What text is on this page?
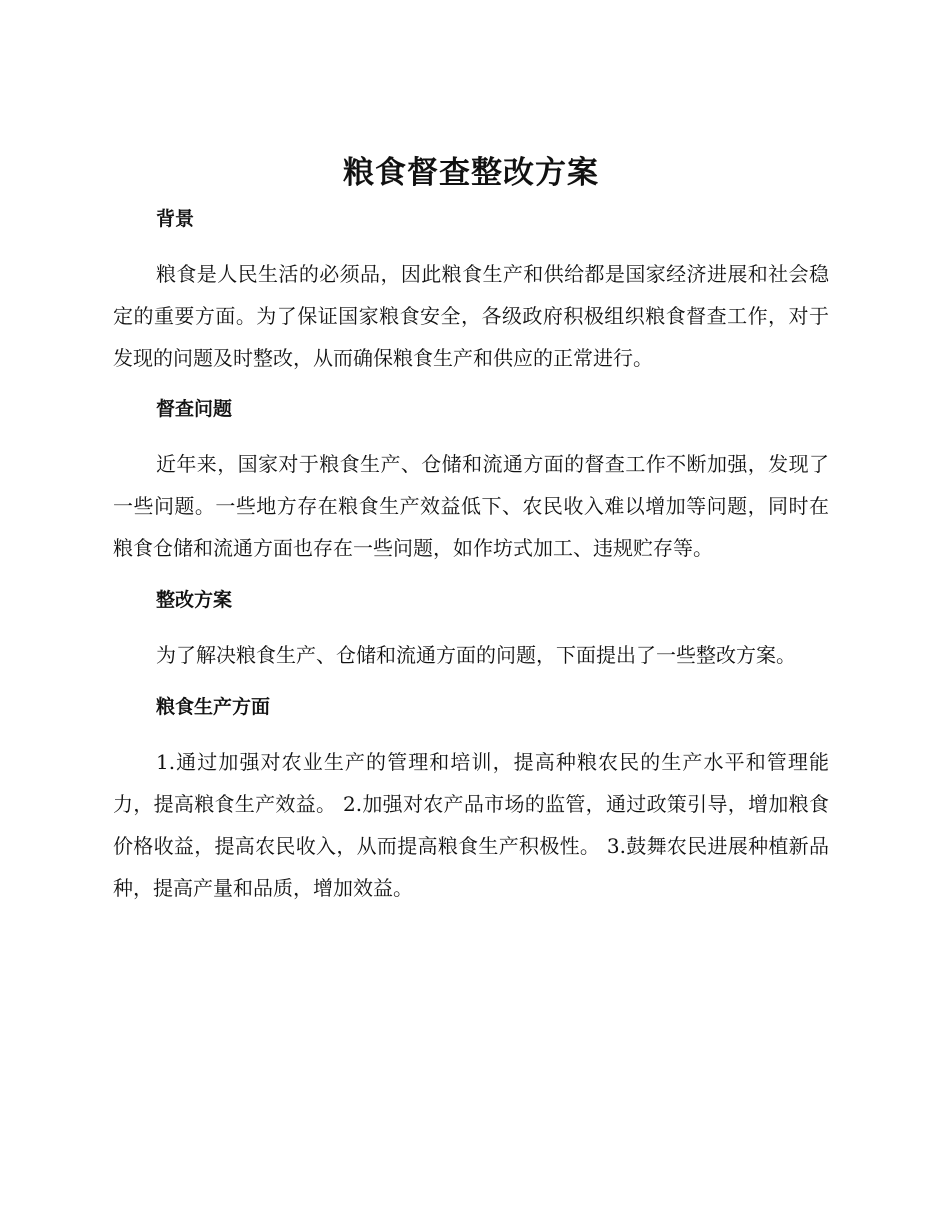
粮食督查整改方案
背景

粮食是人民生活的必须品，因此粮食生产和供给都是国家经济进展和社会稳定的重要方面。为了保证国家粮食安全，各级政府积极组织粮食督查工作，对于发现的问题及时整改，从而确保粮食生产和供应的正常进行。

督查问题

近年来，国家对于粮食生产、仓储和流通方面的督查工作不断加强，发现了一些问题。一些地方存在粮食生产效益低下、农民收入难以增加等问题，同时在粮食仓储和流通方面也存在一些问题，如作坊式加工、违规贮存等。

整改方案

为了解决粮食生产、仓储和流通方面的问题，下面提出了一些整改方案。

粮食生产方面

1.通过加强对农业生产的管理和培训，提高种粮农民的生产水平和管理能力，提高粮食生产效益。 2.加强对农产品市场的监管，通过政策引导，增加粮食价格收益，提高农民收入，从而提高粮食生产积极性。 3.鼓舞农民进展种植新品种，提高产量和品质，增加效益。
